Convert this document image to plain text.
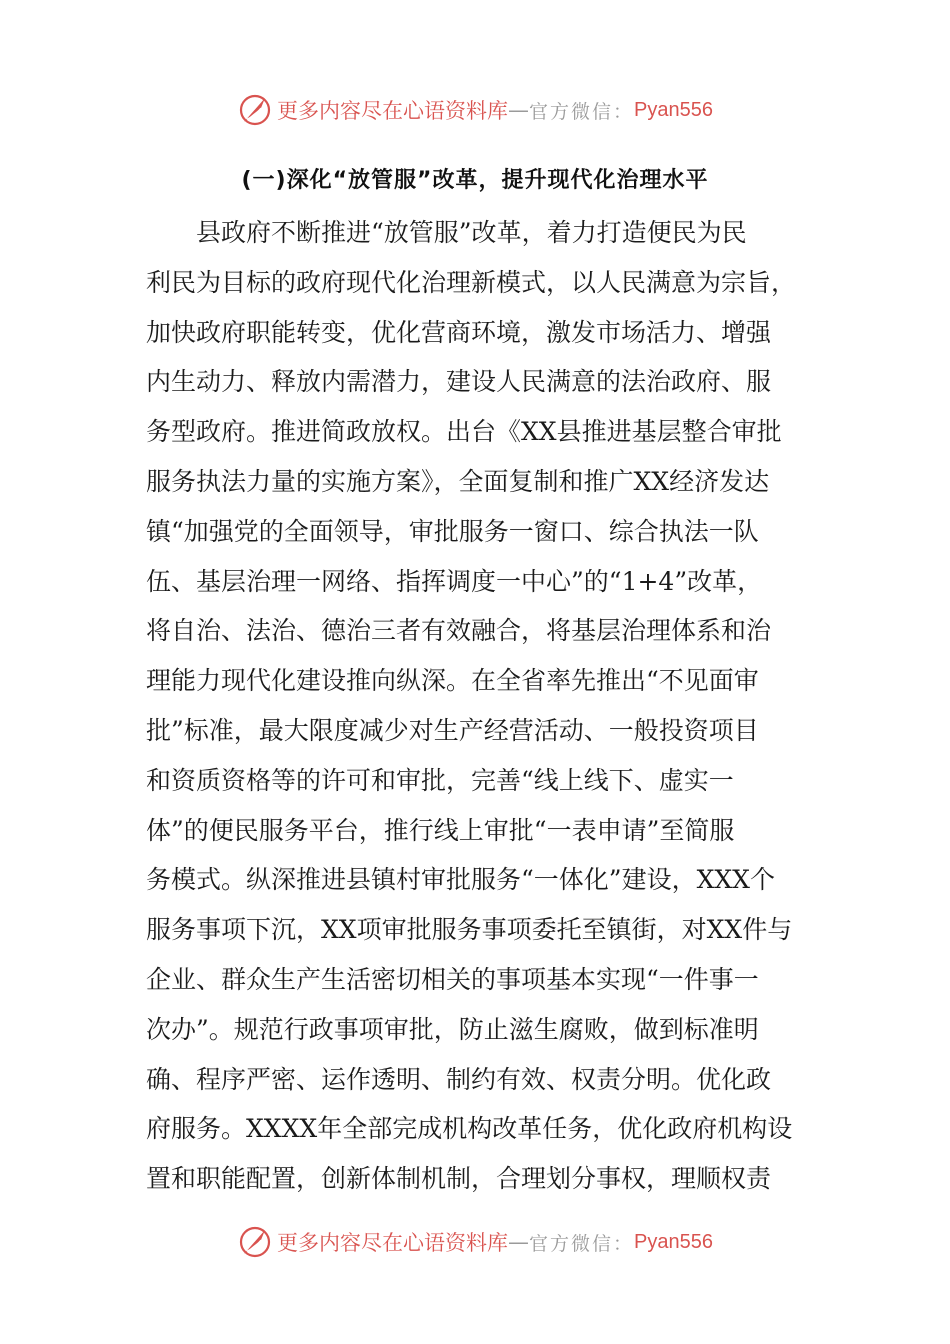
更多内容尽在心语资料库 — 官方微信： Pyan556
(一)深化“放管服”改革，提升现代化治理水平
县政府不断推进“放管服”改革，着力打造便民为民
利民为目标的政府现代化治理新模式，以人民满意为宗旨，
加快政府职能转变，优化营商环境，激发市场活力、增强
内生动力、释放内需潜力，建设人民满意的法治政府、服
务型政府。推进简政放权。出台《XX县推进基层整合审批
服务执法力量的实施方案》，全面复制和推广XX经济发达
镇“加强党的全面领导，审批服务一窗口、综合执法一队
伍、基层治理一网络、指挥调度一中心”的“1+4”改革，
将自治、法治、德治三者有效融合，将基层治理体系和治
理能力现代化建设推向纵深。在全省率先推出“不见面审
批”标准，最大限度减少对生产经营活动、一般投资项目
和资质资格等的许可和审批，完善“线上线下、虚实一
体”的便民服务平台，推行线上审批“一表申请”至简服
务模式。纵深推进县镇村审批服务“一体化”建设，XXX个
服务事项下沉，XX项审批服务事项委托至镇街，对XX件与
企业、群众生产生活密切相关的事项基本实现“一件事一
次办”。规范行政事项审批，防止滋生腐败，做到标准明
确、程序严密、运作透明、制约有效、权责分明。优化政
府服务。XXXX年全部完成机构改革任务，优化政府机构设
置和职能配置，创新体制机制，合理划分事权，理顺权责
更多内容尽在心语资料库 — 官方微信： Pyan556
